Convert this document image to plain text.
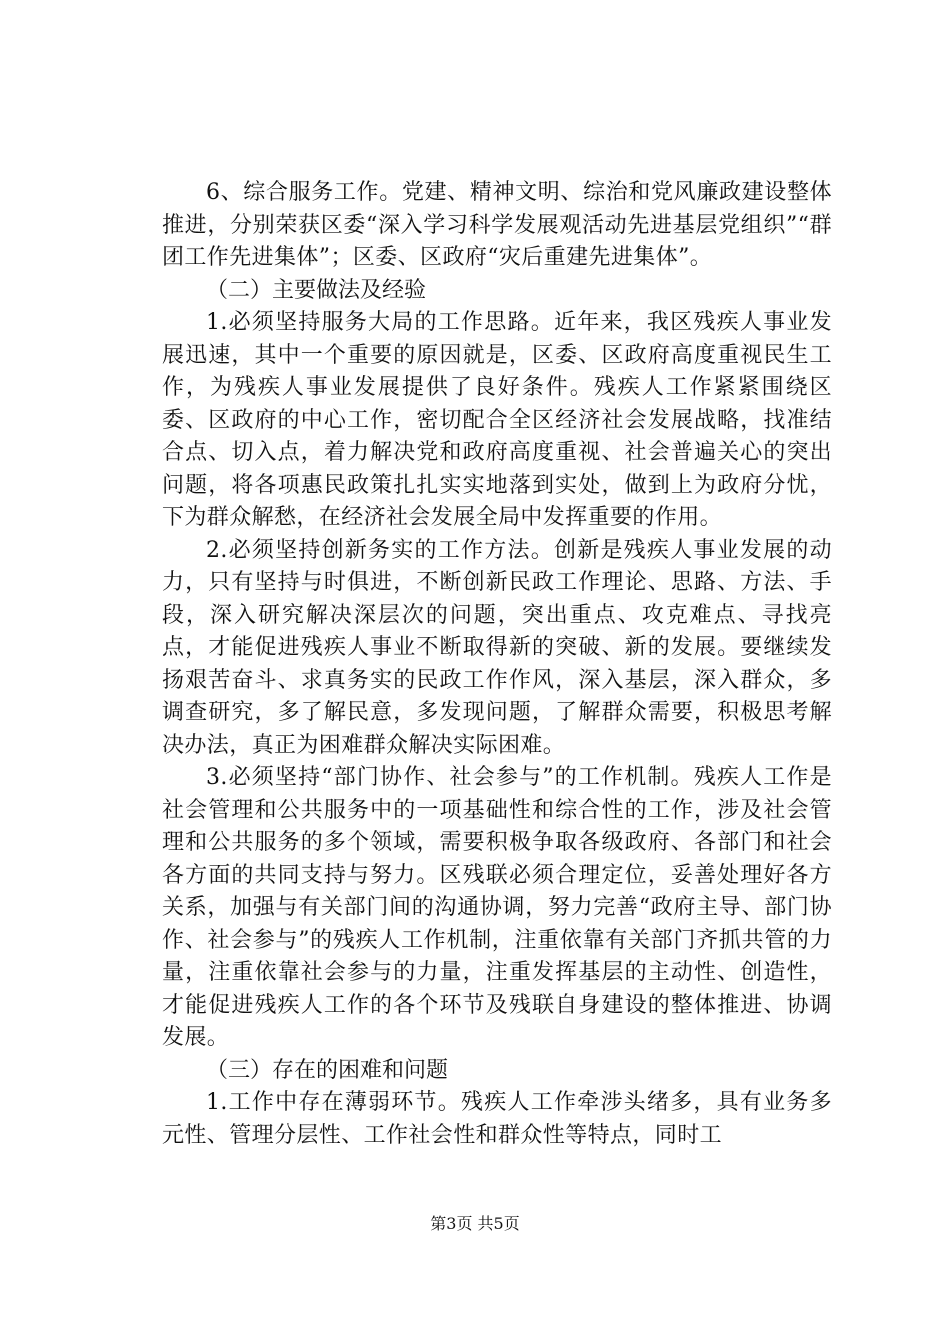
6、综合服务工作。党建、精神文明、综治和党风廉政建设整体推进，分别荣获区委“深入学习科学发展观活动先进基层党组织”“群团工作先进集体”；区委、区政府“灾后重建先进集体”。

（二）主要做法及经验

1.必须坚持服务大局的工作思路。近年来，我区残疾人事业发展迅速，其中一个重要的原因就是，区委、区政府高度重视民生工作，为残疾人事业发展提供了良好条件。残疾人工作紧紧围绕区委、区政府的中心工作，密切配合全区经济社会发展战略，找准结合点、切入点，着力解决党和政府高度重视、社会普遍关心的突出问题，将各项惠民政策扎扎实实地落到实处，做到上为政府分忧，下为群众解愁，在经济社会发展全局中发挥重要的作用。

2.必须坚持创新务实的工作方法。创新是残疾人事业发展的动力，只有坚持与时俱进，不断创新民政工作理论、思路、方法、手段，深入研究解决深层次的问题，突出重点、攻克难点、寻找亮点，才能促进残疾人事业不断取得新的突破、新的发展。要继续发扬艰苦奋斗、求真务实的民政工作作风，深入基层，深入群众，多调查研究，多了解民意，多发现问题，了解群众需要，积极思考解决办法，真正为困难群众解决实际困难。

3.必须坚持“部门协作、社会参与”的工作机制。残疾人工作是社会管理和公共服务中的一项基础性和综合性的工作，涉及社会管理和公共服务的多个领域，需要积极争取各级政府、各部门和社会各方面的共同支持与努力。区残联必须合理定位，妥善处理好各方关系，加强与有关部门间的沟通协调，努力完善“政府主导、部门协作、社会参与”的残疾人工作机制，注重依靠有关部门齐抓共管的力量，注重依靠社会参与的力量，注重发挥基层的主动性、创造性，才能促进残疾人工作的各个环节及残联自身建设的整体推进、协调发展。

（三）存在的困难和问题

1.工作中存在薄弱环节。残疾人工作牵涉头绪多，具有业务多元性、管理分层性、工作社会性和群众性等特点，同时工

第3页 共5页
